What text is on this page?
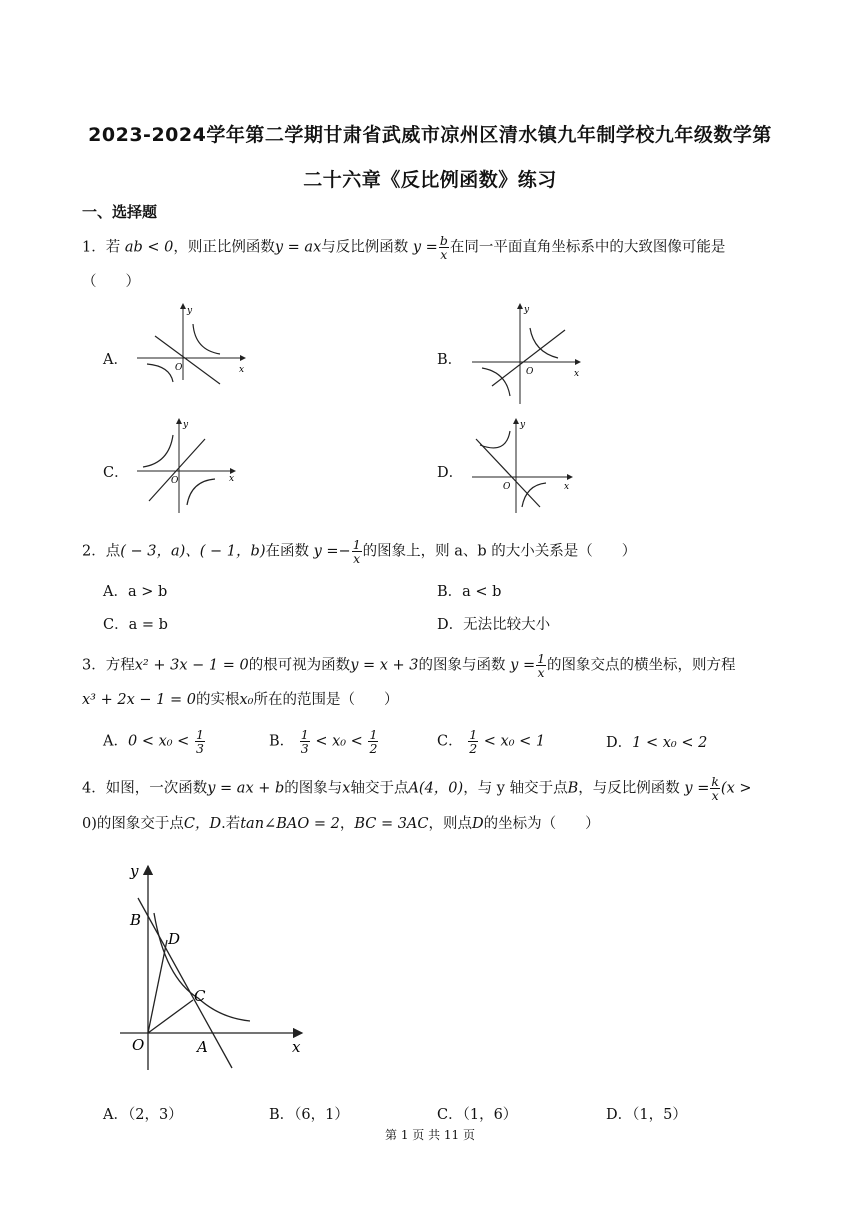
2023-2024学年第二学期甘肃省武威市凉州区清水镇九年制学校九年级数学第
二十六章《反比例函数》练习
一、选择题
1．若 ab < 0，则正比例函数y = ax与反比例函数 $y = \frac{b}{x}$ 在同一平面直角坐标系中的大致图像可能是
（　　）
A．	B．
C．	D．
y
O	x
y
O	x
y
O	x
y
O	x
2．点( − 3，a)、( − 1，b)在函数 $y =- \frac{1}{x}$ 的图象上，则 a、b 的大小关系是（　　）
A．a > b	B．a < b
C．a = b	D．无法比较大小
3．方程x² + 3x − 1 = 0的根可视为函数y = x + 3的图象与函数 $y = \frac{1}{x}$ 的图象交点的横坐标，则方程
x³ + 2x − 1 = 0的实根x₀所在的范围是（　　）
A．$0 < x_0 < \frac{1}{3}$	B． $\frac{1}{3} < x_0 < \frac{1}{2}$	C． $\frac{1}{2} < x_0 < 1$	D．1 < x₀ < 2
4．如图，一次函数y = ax + b的图象与x轴交于点A(4，0)，与 y 轴交于点B，与反比例函数 $y = \frac{k}{x} (x$ >
0)的图象交于点C，D.若tan∠BAO = 2，BC = 3AC，则点D的坐标为（　　）
y
x
B
D
C
O	A
A．（2，3）	B．（6，1）	C．（1，6）	D．（1，5）
第 1 页 共 11 页
